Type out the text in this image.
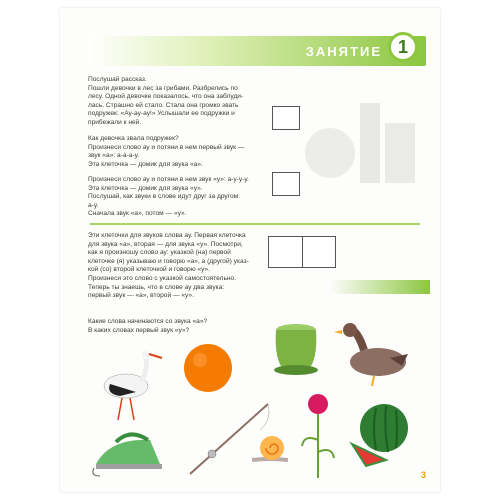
ЗАНЯТИЕ 1
Послушай рассказ.
Пошли девочки в лес за грибами. Разбрелись по
лесу. Одной девочке показалось, что она заблуди-
лась. Страшно ей стало. Стала она громко звать
подружек: «Ау-ау-ау!» Услышали ее подружки и
прибежали к ней.
Как девочка звала подружек?
Произнеси слово ау и потяни в нем первый звук —
звук «а»: а-а-а-у.
Эта клеточка — домик для звука «а».
Произнеси слово ау и потяни в нем звук «у»: а-у-у-у.
Эта клеточка — домик для звука «у».
Послушай, как звуки в слове идут друг за другом:
а-у.
Сначала звук «а», потом — «у».
Эти клеточки для звуков слова ау. Первая клеточка
для звука «а», вторая — для звука «у». Посмотри,
как я произношу слово ау: указкой (на) первой
клеточке (я) указываю и говорю «а», а (другой) указ-
кой (со) второй клеточкой и говорю «у».
Произнеси это слово с указкой самостоятельно.
Теперь ты знаешь, что в слове ау два звука:
первый звук — «а», второй — «у».
Какие слова начинаются со звука «а»?
В каких словах первый звук «у»?
3
